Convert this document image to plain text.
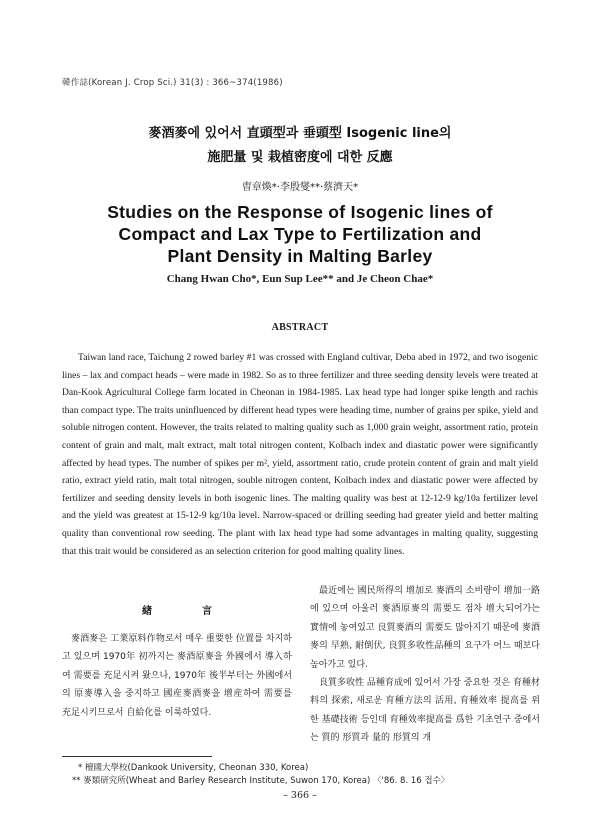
韓作誌(Korean J. Crop Sci.) 31(3) : 366~374(1986)
麥酒麥에 있어서 直頭型과 垂頭型 Isogenic line의
施肥量 및 栽植密度에 대한 反應
曺章煥*·李殷燮**·蔡濟天*
Studies on the Response of Isogenic lines of
Compact and Lax Type to Fertilization and
Plant Density in Malting Barley
Chang Hwan Cho*, Eun Sup Lee** and Je Cheon Chae*
ABSTRACT

Taiwan land race, Taichung 2 rowed barley #1 was crossed with England cultivar, Deba abed in 1972, and two isogenic lines – lax and compact heads – were made in 1982. So as to three fertilizer and three seeding density levels were treated at Dan-Kook Agricultural College farm located in Cheonan in 1984-1985. Lax head type had longer spike length and rachis than compact type. The traits uninfluenced by different head types were heading time, number of grains per spike, yield and soluble nitrogen content. However, the traits related to malting quality such as 1,000 grain weight, assortment ratio, protein content of grain and malt, malt extract, malt total nitrogen content, Kolbach index and diastatic power were significantly affected by head types. The number of spikes per m², yield, assortment ratio, crude protein content of grain and malt yield ratio, extract yield ratio, malt total nitrogen, souble nitrogen content, Kolbach index and diastatic power were affected by fertilizer and seeding density levels in both isogenic lines. The malting quality was best at 12-12-9 kg/10a fertilizer level and the yield was greatest at 15-12-9 kg/10a level. Narrow-spaced or drilling seeding had greater yield and better malting quality than conventional row seeding. The plant with lax head type had some advantages in malting quality, suggesting that this trait would be considered as an selection criterion for good malting quality lines.

緖言

麥酒麥은 工業原料作物로서 매우 重要한 位置를 차지하고 있으며 1970年 初까지는 麥酒原麥을 外國에서 導入하여 需要를 充足시켜 왔으나, 1970年 後半부터는 外國에서의 原麥導入을 중지하고 國産麥酒麥을 增産하여 需要를 充足시키므로서 自給化를 이룩하였다.

最近에는 國民所得의 增加로 麥酒의 소비량이 增加一路에 있으며 아울러 麥酒原麥의 需要도 점차 增大되어가는 實情에 놓여있고 良質麥酒의 需要도 많아지기 때문에 麥酒麥의 早熟, 耐倒伏, 良質多收性品種의 요구가 어느 때보다 높아가고 있다.

良質多收性 品種育成에 있어서 가장 중요한 것은 育種材料의 探索, 새로운 育種方法의 活用, 育種效率 提高를 위한 基礎技術 등인데 育種效率提高를 爲한 기초연구 중에서는 質的 形質과 量的 形質의 개

* 檀國大學校(Dankook University, Cheonan 330, Korea)
** 麥類研究所(Wheat and Barley Research Institute, Suwon 170, Korea) 〈'86. 8. 16 접수〉
– 366 –
